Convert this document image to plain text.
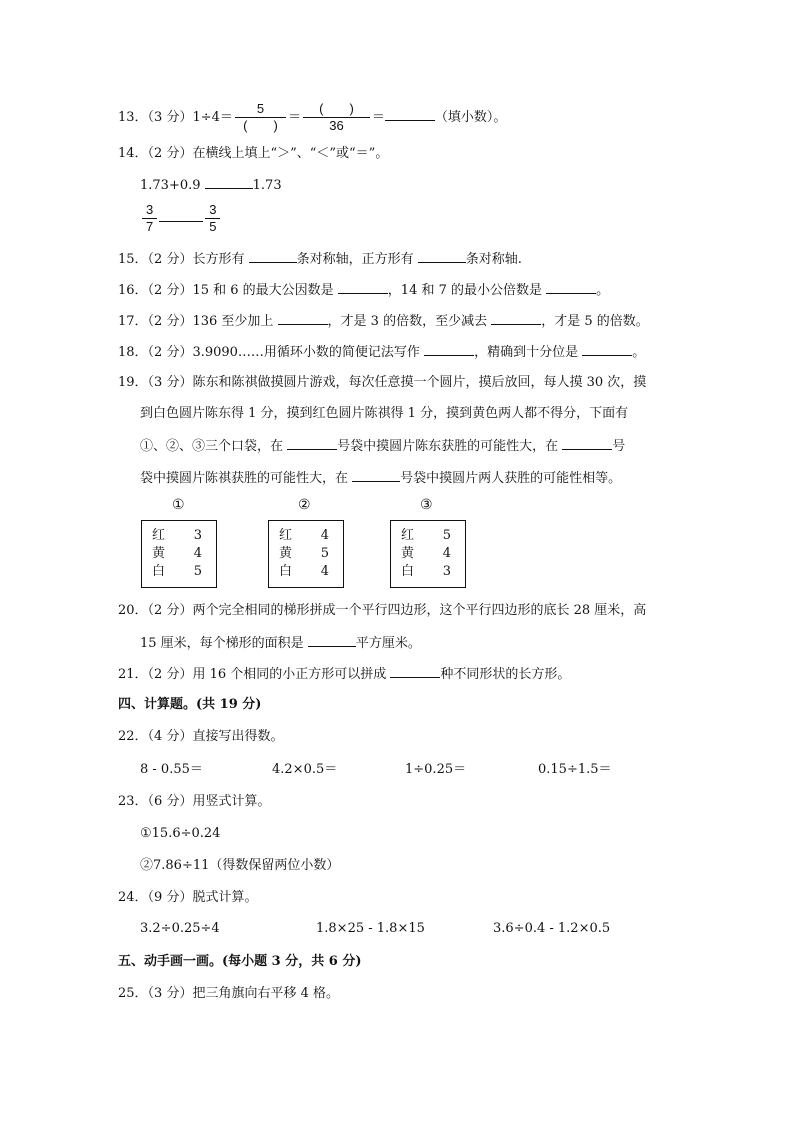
13．（3 分）$1\div 4= \frac{5}{( )} = \frac{( )}{36}$ ＝	（填小数）。
14．（2 分）在横线上填上“＞”、“＜”或“＝”。
1.73+0.9	1.73
$\frac{3}{7}$	$\frac{3}{5}$
15．（2 分）长方形有	条对称轴，正方形有	条对称轴.
16．（2 分）15 和 6 的最大公因数是	，14 和 7 的最小公倍数是	。
17．（2 分）136 至少加上	，才是 3 的倍数，至少减去	，才是 5 的倍数。
18．（2 分）3.9090……用循环小数的简便记法写作	，精确到十分位是	。
19．（3 分）陈东和陈祺做摸圆片游戏，每次任意摸一个圆片，摸后放回，每人摸 30 次，摸
到白色圆片陈东得 1 分，摸到红色圆片陈祺得 1 分，摸到黄色两人都不得分，下面有
①、②、③三个口袋，在	号袋中摸圆片陈东获胜的可能性大，在	号
袋中摸圆片陈祺获胜的可能性大，在	号袋中摸圆片两人获胜的可能性相等。
①
红 3
黄 4
白 5
②
红 4
黄 5
白 4
③
红 5
黄 4
白 3
20．（2 分）两个完全相同的梯形拼成一个平行四边形，这个平行四边形的底长 28 厘米，高
15 厘米，每个梯形的面积是	平方厘米。
21．（2 分）用 16 个相同的小正方形可以拼成	种不同形状的长方形。
四、计算题。(共 19 分)
22．（4 分）直接写出得数。
8 - 0.55＝	4.2×0.5＝	1÷0.25＝	0.15÷1.5＝
23．（6 分）用竖式计算。
①15.6÷0.24
②7.86÷11（得数保留两位小数）
24．（9 分）脱式计算。
3.2÷0.25÷4	1.8×25 - 1.8×15	3.6÷0.4 - 1.2×0.5
五、动手画一画。(每小题 3 分，共 6 分)
25．（3 分）把三角旗向右平移 4 格。
